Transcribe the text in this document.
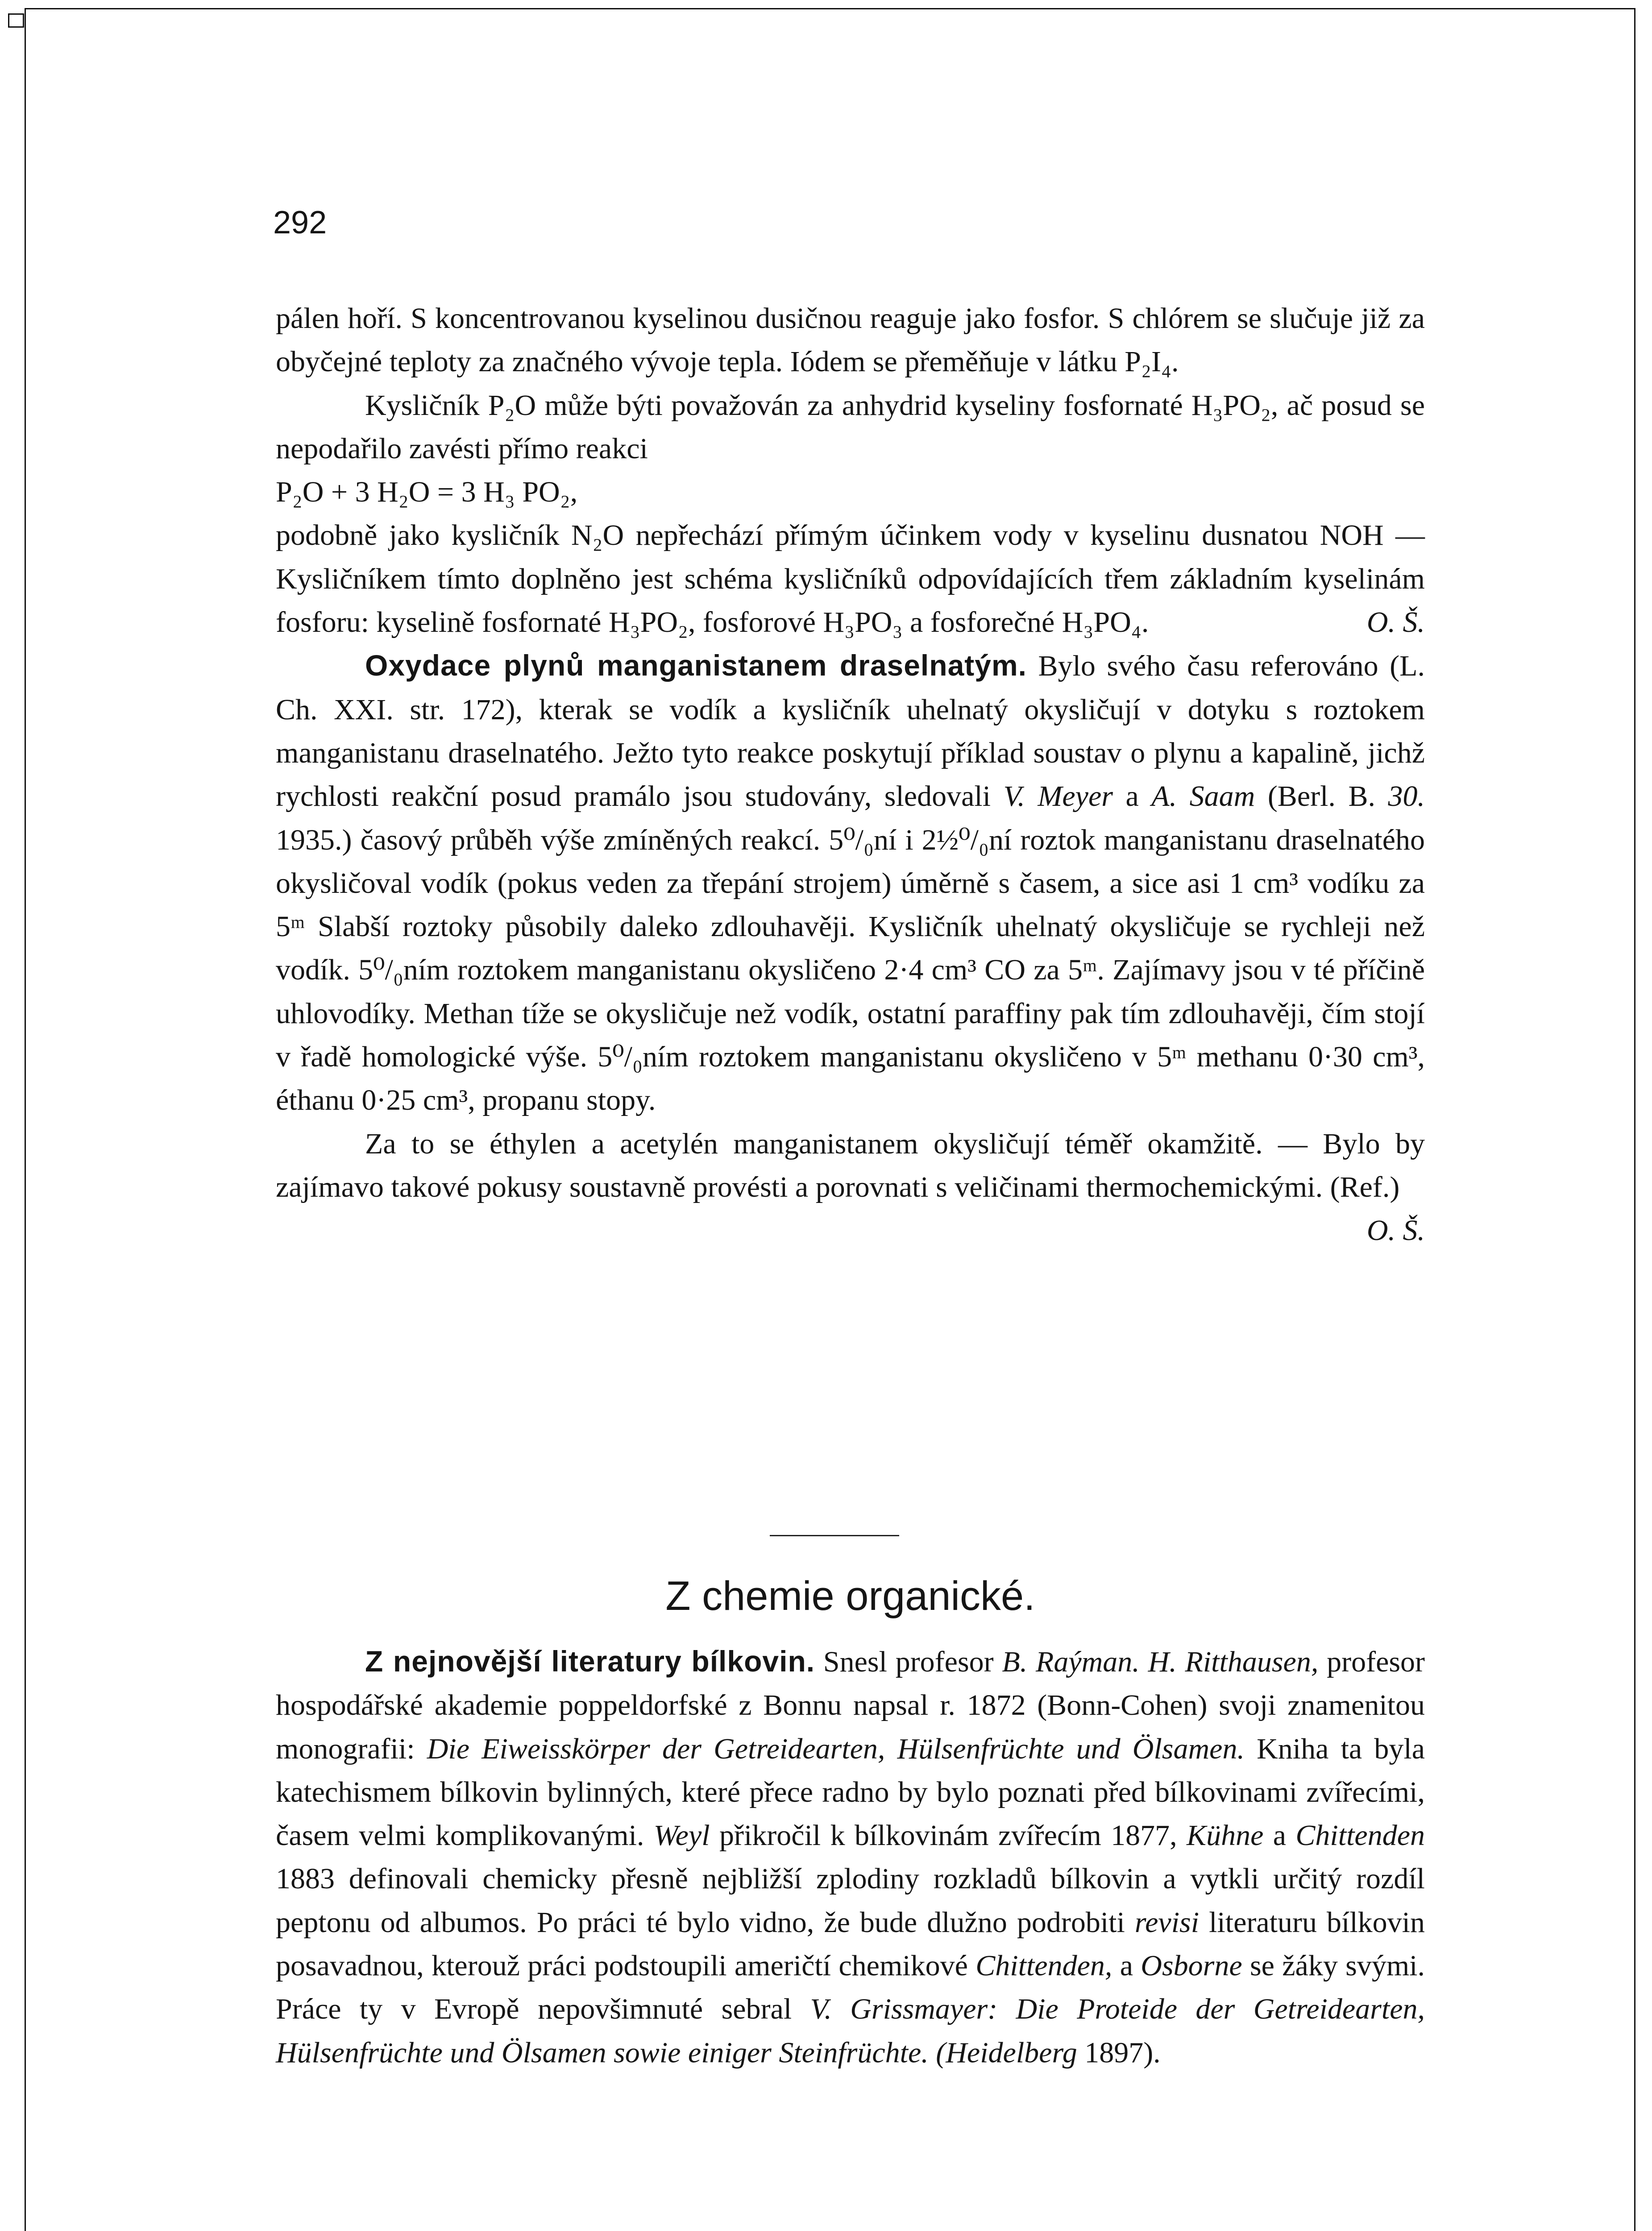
292

pálen hoří. S koncentrovanou kyselinou dusičnou reaguje jako fosfor. S chlórem se slučuje již za obyčejné teploty za značného vývoje tepla. Iódem se přeměňuje v látku P₂I₄.

Kysličník P₂O může býti považován za anhydrid kyseliny fosfornaté H₃PO₂, ač posud se nepodařilo zavésti přímo reakci

P₂O + 3 H₂O = 3 H₃ PO₂,

podobně jako kysličník N₂O nepřechází přímým účinkem vody v kyselinu dusnatou NOH — Kysličníkem tímto doplněno jest schéma kysličníků odpovídajících třem základním kyselinám fosforu: kyselině fosfornaté H₃PO₂, fosforové H₃PO₃ a fosforečné H₃PO₄.	O. Š.

Oxydace plynů manganistanem draselnatým. Bylo svého času referováno (L. Ch. XXI. str. 172), kterak se vodík a kysličník uhelnatý okysličují v dotyku s roztokem manganistanu draselnatého. Ježto tyto reakce poskytují příklad soustav o plynu a kapalině, jichž rychlosti reakční posud pramálo jsou studovány, sledovali V. Meyer a A. Saam (Berl. B. 30. 1935.) časový průběh výše zmíněných reakcí. 5⁰/₀ní i 2½⁰/₀ní roztok manganistanu draselnatého okysličoval vodík (pokus veden za třepání strojem) úměrně s časem, a sice asi 1 cm³ vodíku za 5ᵐ Slabší roztoky působily daleko zdlouhavěji. Kysličník uhelnatý okysličuje se rychleji než vodík. 5⁰/₀ním roztokem manganistanu okysličeno 2·4 cm³ CO za 5ᵐ. Zajímavy jsou v té příčině uhlovodíky. Methan tíže se okysličuje než vodík, ostatní paraffiny pak tím zdlouhavěji, čím stojí v řadě homologické výše. 5⁰/₀ním roztokem manganistanu okysličeno v 5ᵐ methanu 0·30 cm³, éthanu 0·25 cm³, propanu stopy.

Za to se éthylen a acetylén manganistanem okysličují téměř okamžitě. — Bylo by zajímavo takové pokusy soustavně provésti a porovnati s veličinami thermochemickými. (Ref.)
O. Š.

Z chemie organické.

Z nejnovější literatury bílkovin. Snesl profesor B. Raýman. H. Ritthausen, profesor hospodářské akademie poppeldorfské z Bonnu napsal r. 1872 (Bonn-Cohen) svoji znamenitou monografii: Die Eiweisskörper der Getreidearten, Hülsenfrüchte und Ölsamen. Kniha ta byla katechismem bílkovin bylinných, které přece radno by bylo poznati před bílkovinami zvířecími, časem velmi komplikovanými. Weyl přikročil k bílkovinám zvířecím 1877, Kühne a Chittenden 1883 definovali chemicky přesně nejbližší zplodiny rozkladů bílkovin a vytkli určitý rozdíl peptonu od albumos. Po práci té bylo vidno, že bude dlužno podrobiti revisi literaturu bílkovin posavadnou, kterouž práci podstoupili američtí chemikové Chittenden, a Osborne se žáky svými. Práce ty v Evropě nepovšimnuté sebral V. Grissmayer: Die Proteide der Getreidearten, Hülsenfrüchte und Ölsamen sowie einiger Steinfrüchte. (Heidelberg 1897).
